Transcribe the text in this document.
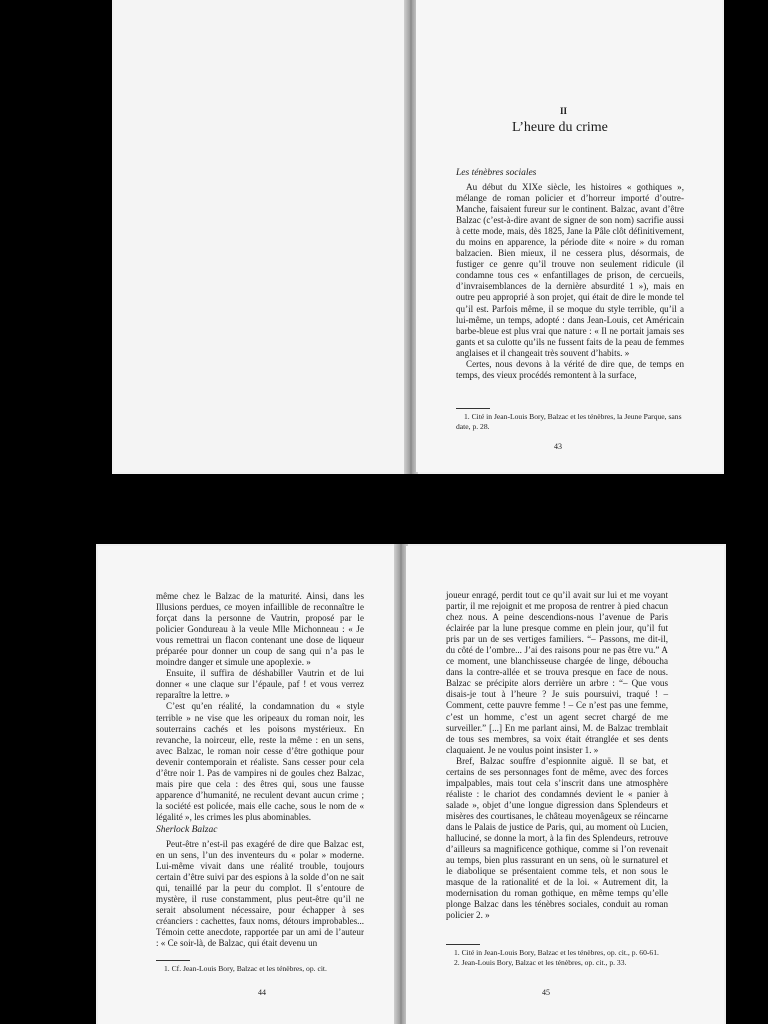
II
L’heure du crime
Les ténèbres sociales

Au début du XIXe siècle, les histoires « gothiques », mélange de roman policier et d’horreur importé d’outre-Manche, faisaient fureur sur le continent. Balzac, avant d’être Balzac (c’est-à-dire avant de signer de son nom) sacrifie aussi à cette mode, mais, dès 1825, Jane la Pâle clôt définitivement, du moins en apparence, la période dite « noire » du roman balzacien. Bien mieux, il ne cessera plus, désormais, de fustiger ce genre qu’il trouve non seulement ridicule (il condamne tous ces « enfantillages de prison, de cercueils, d’invraisemblances de la dernière absurdité 1 »), mais en outre peu approprié à son projet, qui était de dire le monde tel qu’il est. Parfois même, il se moque du style terrible, qu’il a lui-même, un temps, adopté : dans Jean-Louis, cet Américain barbe-bleue est plus vrai que nature : « Il ne portait jamais ses gants et sa culotte qu’ils ne fussent faits de la peau de femmes anglaises et il changeait très souvent d’habits. »

Certes, nous devons à la vérité de dire que, de temps en temps, des vieux procédés remontent à la surface,

1. Cité in Jean-Louis Bory, Balzac et les ténèbres, la Jeune Parque, sans date, p. 28.

43

même chez le Balzac de la maturité. Ainsi, dans les Illusions perdues, ce moyen infaillible de reconnaître le forçat dans la personne de Vautrin, proposé par le policier Gondureau à la veule Mlle Michonneau : « Je vous remettrai un flacon contenant une dose de liqueur préparée pour donner un coup de sang qui n’a pas le moindre danger et simule une apoplexie. »

Ensuite, il suffira de déshabiller Vautrin et de lui donner « une claque sur l’épaule, paf ! et vous verrez reparaître la lettre. »

C’est qu’en réalité, la condamnation du « style terrible » ne vise que les oripeaux du roman noir, les souterrains cachés et les poisons mystérieux. En revanche, la noirceur, elle, reste la même : en un sens, avec Balzac, le roman noir cesse d’être gothique pour devenir contemporain et réaliste. Sans cesser pour cela d’être noir 1. Pas de vampires ni de goules chez Balzac, mais pire que cela : des êtres qui, sous une fausse apparence d’humanité, ne reculent devant aucun crime ; la société est policée, mais elle cache, sous le nom de « légalité », les crimes les plus abominables.

Sherlock Balzac

Peut-être n’est-il pas exagéré de dire que Balzac est, en un sens, l’un des inventeurs du « polar » moderne. Lui-même vivait dans une réalité trouble, toujours certain d’être suivi par des espions à la solde d’on ne sait qui, tenaillé par la peur du complot. Il s’entoure de mystère, il ruse constamment, plus peut-être qu’il ne serait absolument nécessaire, pour échapper à ses créanciers : cachettes, faux noms, détours improbables... Témoin cette anecdote, rapportée par un ami de l’auteur : « Ce soir-là, de Balzac, qui était devenu un

1. Cf. Jean-Louis Bory, Balzac et les ténèbres, op. cit.

44

joueur enragé, perdit tout ce qu’il avait sur lui et me voyant partir, il me rejoignit et me proposa de rentrer à pied chacun chez nous. A peine descendions-nous l’avenue de Paris éclairée par la lune presque comme en plein jour, qu’il fut pris par un de ses vertiges familiers. “– Passons, me dit-il, du côté de l’ombre... J’ai des raisons pour ne pas être vu.” A ce moment, une blanchisseuse chargée de linge, déboucha dans la contre-allée et se trouva presque en face de nous. Balzac se précipite alors derrière un arbre : “– Que vous disais-je tout à l’heure ? Je suis poursuivi, traqué ! – Comment, cette pauvre femme ! – Ce n’est pas une femme, c’est un homme, c’est un agent secret chargé de me surveiller.” [...] En me parlant ainsi, M. de Balzac tremblait de tous ses membres, sa voix était étranglée et ses dents claquaient. Je ne voulus point insister 1. »

Bref, Balzac souffre d’espionnite aiguë. Il se bat, et certains de ses personnages font de même, avec des forces impalpables, mais tout cela s’inscrit dans une atmosphère réaliste : le chariot des condamnés devient le « panier à salade », objet d’une longue digression dans Splendeurs et misères des courtisanes, le château moyenâgeux se réincarne dans le Palais de justice de Paris, qui, au moment où Lucien, halluciné, se donne la mort, à la fin des Splendeurs, retrouve d’ailleurs sa magnificence gothique, comme si l’on revenait au temps, bien plus rassurant en un sens, où le surnaturel et le diabolique se présentaient comme tels, et non sous le masque de la rationalité et de la loi. « Autrement dit, la modernisation du roman gothique, en même temps qu’elle plonge Balzac dans les ténèbres sociales, conduit au roman policier 2. »

1. Cité in Jean-Louis Bory, Balzac et les ténèbres, op. cit., p. 60-61.

2. Jean-Louis Bory, Balzac et les ténèbres, op. cit., p. 33.

45
